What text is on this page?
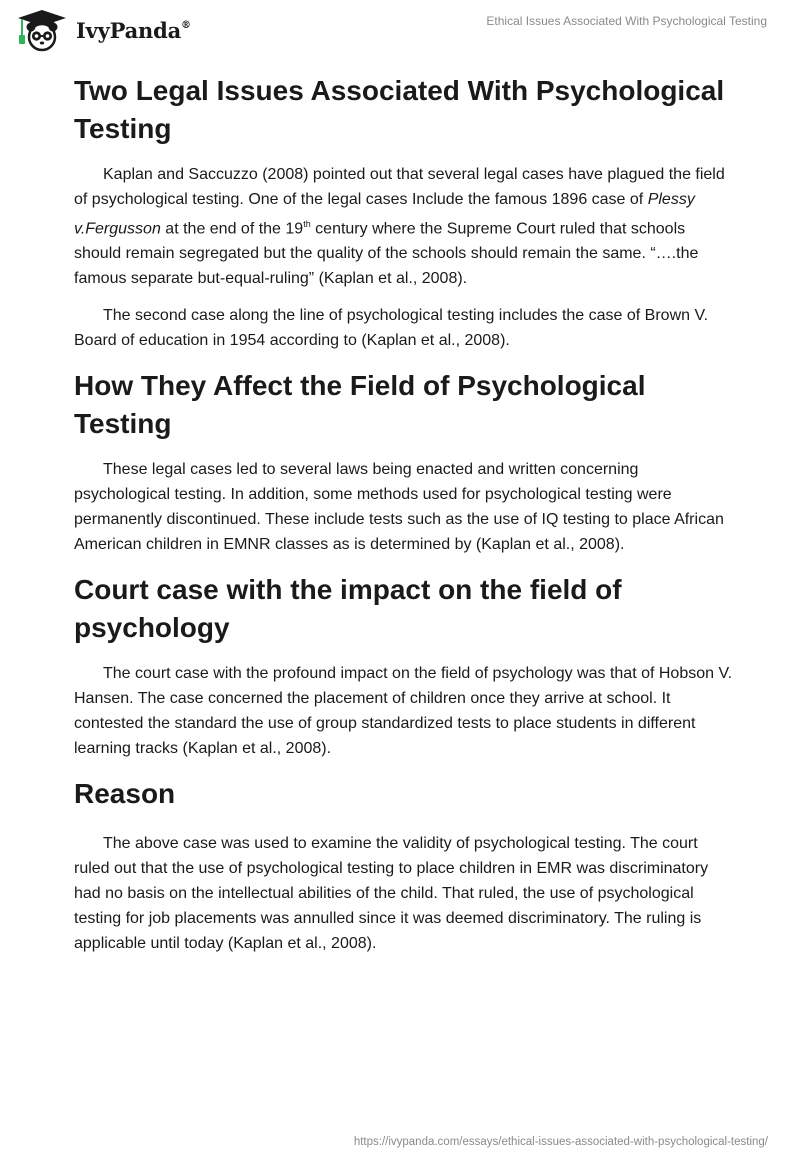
IvyPanda®	Ethical Issues Associated With Psychological Testing
Two Legal Issues Associated With Psychological Testing

Kaplan and Saccuzzo (2008) pointed out that several legal cases have plagued the field of psychological testing. One of the legal cases Include the famous 1896 case of Plessy v.Fergusson at the end of the 19th century where the Supreme Court ruled that schools should remain segregated but the quality of the schools should remain the same. “….the famous separate but-equal-ruling” (Kaplan et al., 2008).

The second case along the line of psychological testing includes the case of Brown V. Board of education in 1954 according to (Kaplan et al., 2008).

How They Affect the Field of Psychological Testing

These legal cases led to several laws being enacted and written concerning psychological testing. In addition, some methods used for psychological testing were permanently discontinued. These include tests such as the use of IQ testing to place African American children in EMNR classes as is determined by (Kaplan et al., 2008).

Court case with the impact on the field of psychology

The court case with the profound impact on the field of psychology was that of Hobson V. Hansen. The case concerned the placement of children once they arrive at school. It contested the standard the use of group standardized tests to place students in different learning tracks (Kaplan et al., 2008).

Reason

The above case was used to examine the validity of psychological testing. The court ruled out that the use of psychological testing to place children in EMR was discriminatory had no basis on the intellectual abilities of the child. That ruled, the use of psychological testing for job placements was annulled since it was deemed discriminatory. The ruling is applicable until today (Kaplan et al., 2008).

https://ivypanda.com/essays/ethical-issues-associated-with-psychological-testing/
